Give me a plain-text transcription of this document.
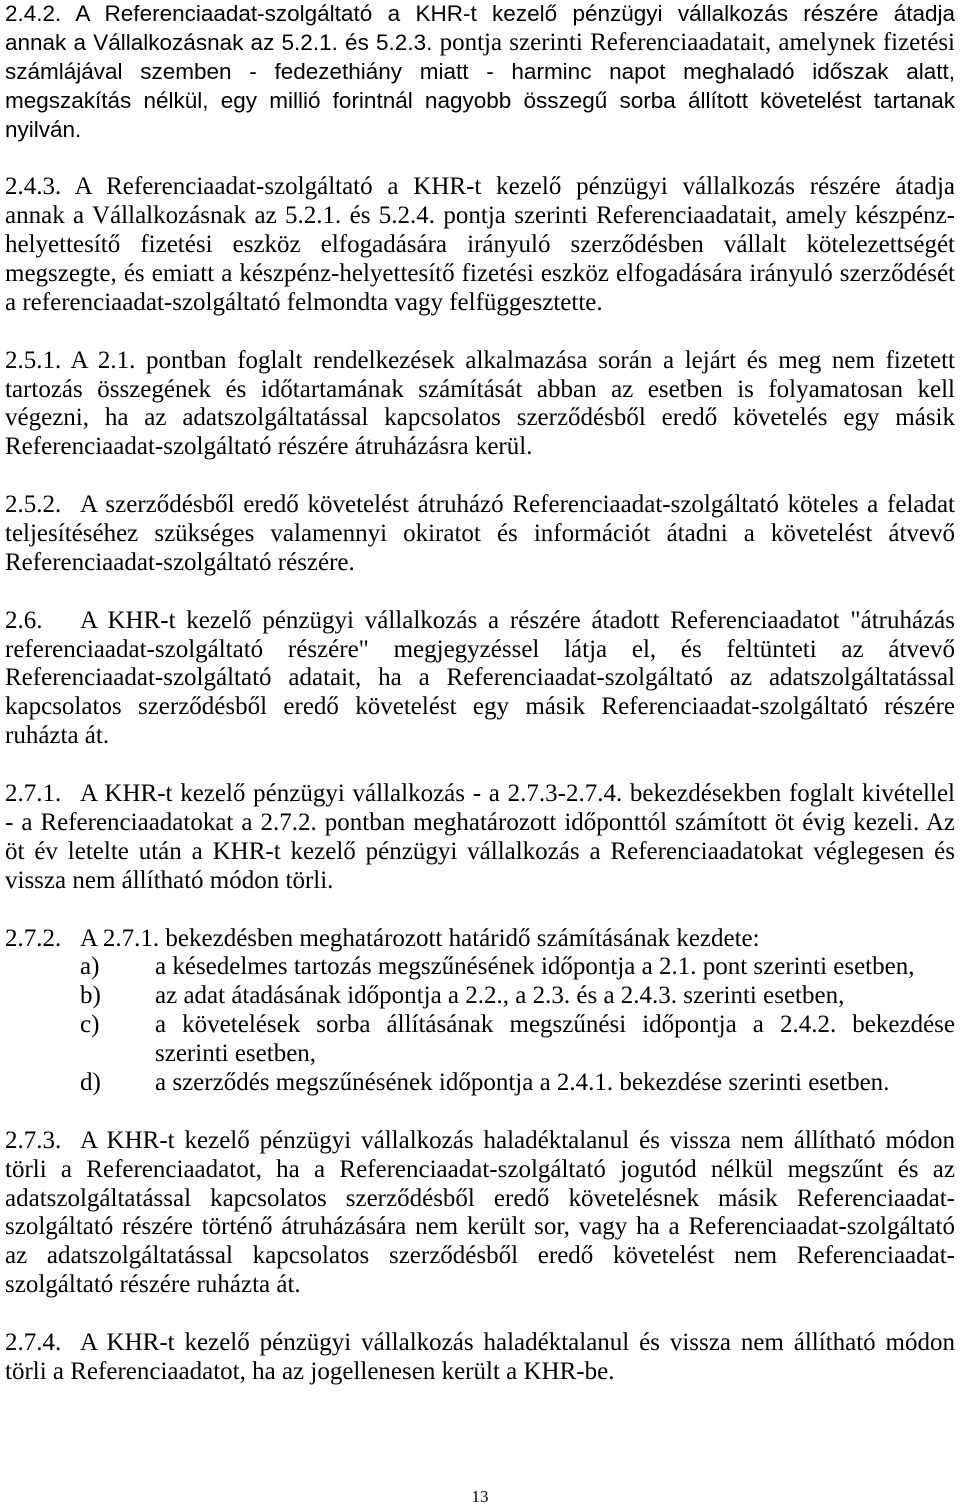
2.4.2. A Referenciaadat-szolgáltató a KHR-t kezelő pénzügyi vállalkozás részére átadja
annak a Vállalkozásnak az 5.2.1. és 5.2.3. pontja szerinti Referenciaadatait, amelynek fizetési
számlájával szemben - fedezethiány miatt - harminc napot meghaladó időszak alatt,
megszakítás nélkül, egy millió forintnál nagyobb összegű sorba állított követelést tartanak
nyilván.
2.4.3. A Referenciaadat-szolgáltató a KHR-t kezelő pénzügyi vállalkozás részére átadja
annak a Vállalkozásnak az 5.2.1. és 5.2.4. pontja szerinti Referenciaadatait, amely készpénz-
helyettesítő fizetési eszköz elfogadására irányuló szerződésben vállalt kötelezettségét
megszegte, és emiatt a készpénz-helyettesítő fizetési eszköz elfogadására irányuló szerződését
a referenciaadat-szolgáltató felmondta vagy felfüggesztette.
2.5.1. A 2.1. pontban foglalt rendelkezések alkalmazása során a lejárt és meg nem fizetett
tartozás összegének és időtartamának számítását abban az esetben is folyamatosan kell
végezni, ha az adatszolgáltatással kapcsolatos szerződésből eredő követelés egy másik
Referenciaadat-szolgáltató részére átruházásra kerül.
2.5.2. A szerződésből eredő követelést átruházó Referenciaadat-szolgáltató köteles a feladat
teljesítéséhez szükséges valamennyi okiratot és információt átadni a követelést átvevő
Referenciaadat-szolgáltató részére.
2.6. A KHR-t kezelő pénzügyi vállalkozás a részére átadott Referenciaadatot "átruházás
referenciaadat-szolgáltató részére" megjegyzéssel látja el, és feltünteti az átvevő
Referenciaadat-szolgáltató adatait, ha a Referenciaadat-szolgáltató az adatszolgáltatással
kapcsolatos szerződésből eredő követelést egy másik Referenciaadat-szolgáltató részére
ruházta át.
2.7.1. A KHR-t kezelő pénzügyi vállalkozás - a 2.7.3-2.7.4. bekezdésekben foglalt kivétellel
- a Referenciaadatokat a 2.7.2. pontban meghatározott időponttól számított öt évig kezeli. Az
öt év letelte után a KHR-t kezelő pénzügyi vállalkozás a Referenciaadatokat véglegesen és
vissza nem állítható módon törli.
2.7.2. A 2.7.1. bekezdésben meghatározott határidő számításának kezdete:
a)	a késedelmes tartozás megszűnésének időpontja a 2.1. pont szerinti esetben,
b)	az adat átadásának időpontja a 2.2., a 2.3. és a 2.4.3. szerinti esetben,
c)	a követelések sorba állításának megszűnési időpontja a 2.4.2. bekezdése
szerinti esetben,
d)	a szerződés megszűnésének időpontja a 2.4.1. bekezdése szerinti esetben.
2.7.3. A KHR-t kezelő pénzügyi vállalkozás haladéktalanul és vissza nem állítható módon
törli a Referenciaadatot, ha a Referenciaadat-szolgáltató jogutód nélkül megszűnt és az
adatszolgáltatással kapcsolatos szerződésből eredő követelésnek másik Referenciaadat-
szolgáltató részére történő átruházására nem került sor, vagy ha a Referenciaadat-szolgáltató
az adatszolgáltatással kapcsolatos szerződésből eredő követelést nem Referenciaadat-
szolgáltató részére ruházta át.
2.7.4. A KHR-t kezelő pénzügyi vállalkozás haladéktalanul és vissza nem állítható módon
törli a Referenciaadatot, ha az jogellenesen került a KHR-be.
13
